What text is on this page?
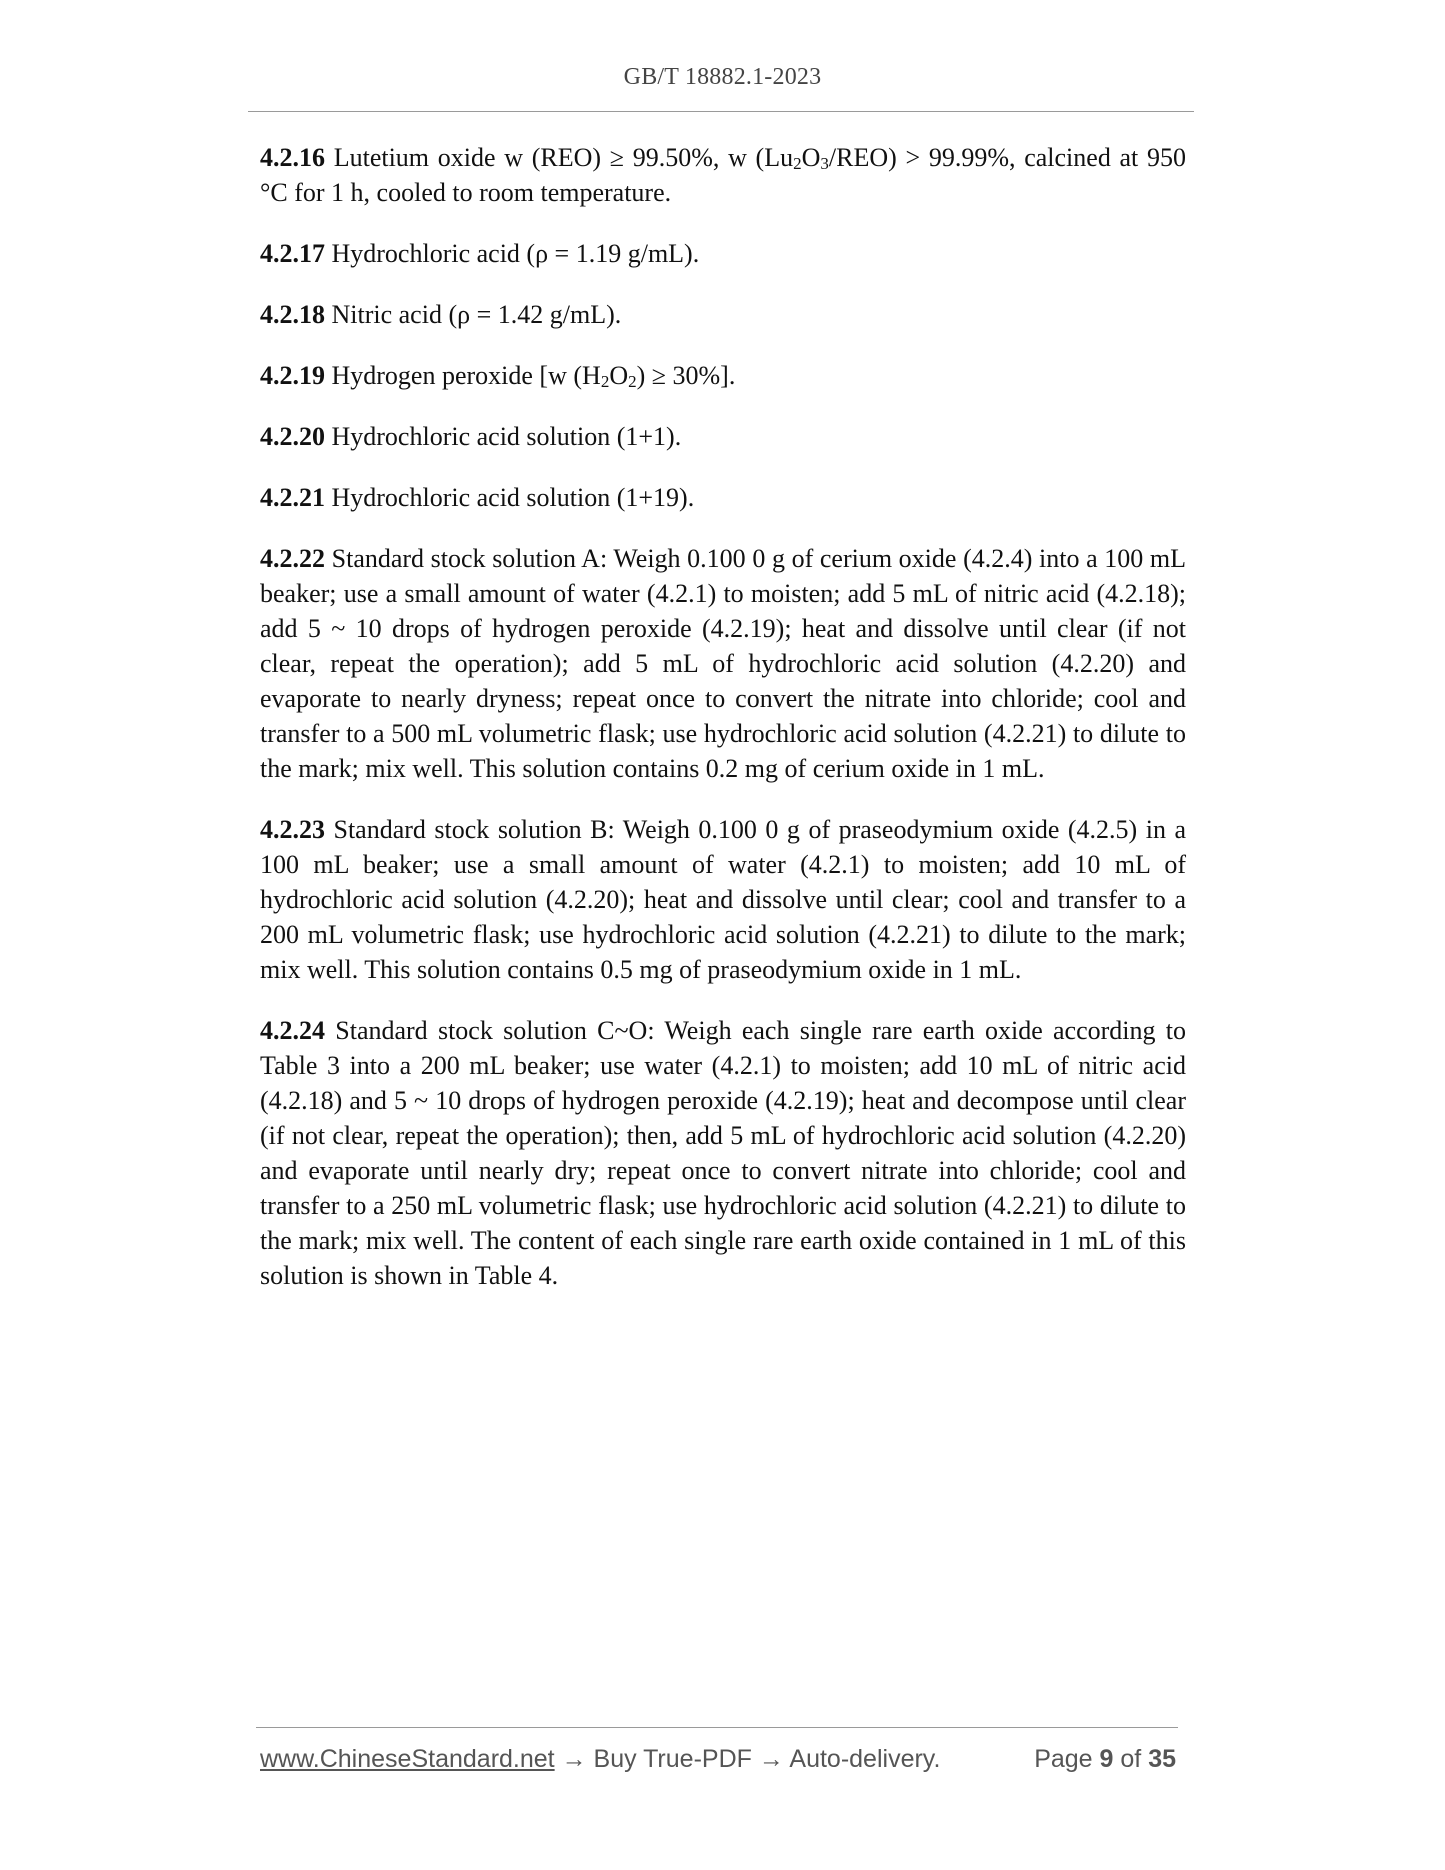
GB/T 18882.1-2023

4.2.16 Lutetium oxide w (REO) ≥ 99.50%, w $(Lu_2O_3/REO) > 99.99\%$, calcined at 950 °C for 1 h, cooled to room temperature.

4.2.17 Hydrochloric acid (ρ = 1.19 g/mL).

4.2.18 Nitric acid (ρ = 1.42 g/mL).

4.2.19 Hydrogen peroxide [w $(H_2O_2) \ge 30\%$].

4.2.20 Hydrochloric acid solution (1+1).

4.2.21 Hydrochloric acid solution (1+19).

4.2.22 Standard stock solution A: Weigh 0.100 0 g of cerium oxide (4.2.4) into a 100 mL beaker; use a small amount of water (4.2.1) to moisten; add 5 mL of nitric acid (4.2.18); add 5 ~ 10 drops of hydrogen peroxide (4.2.19); heat and dissolve until clear (if not clear, repeat the operation); add 5 mL of hydrochloric acid solution (4.2.20) and evaporate to nearly dryness; repeat once to convert the nitrate into chloride; cool and transfer to a 500 mL volumetric flask; use hydrochloric acid solution (4.2.21) to dilute to the mark; mix well. This solution contains 0.2 mg of cerium oxide in 1 mL.

4.2.23 Standard stock solution B: Weigh 0.100 0 g of praseodymium oxide (4.2.5) in a 100 mL beaker; use a small amount of water (4.2.1) to moisten; add 10 mL of hydrochloric acid solution (4.2.20); heat and dissolve until clear; cool and transfer to a 200 mL volumetric flask; use hydrochloric acid solution (4.2.21) to dilute to the mark; mix well. This solution contains 0.5 mg of praseodymium oxide in 1 mL.

4.2.24 Standard stock solution C~O: Weigh each single rare earth oxide according to Table 3 into a 200 mL beaker; use water (4.2.1) to moisten; add 10 mL of nitric acid (4.2.18) and 5 ~ 10 drops of hydrogen peroxide (4.2.19); heat and decompose until clear (if not clear, repeat the operation); then, add 5 mL of hydrochloric acid solution (4.2.20) and evaporate until nearly dry; repeat once to convert nitrate into chloride; cool and transfer to a 250 mL volumetric flask; use hydrochloric acid solution (4.2.21) to dilute to the mark; mix well. The content of each single rare earth oxide contained in 1 mL of this solution is shown in Table 4.

www.ChineseStandard.net → Buy True-PDF → Auto-delivery.	Page 9 of 35
